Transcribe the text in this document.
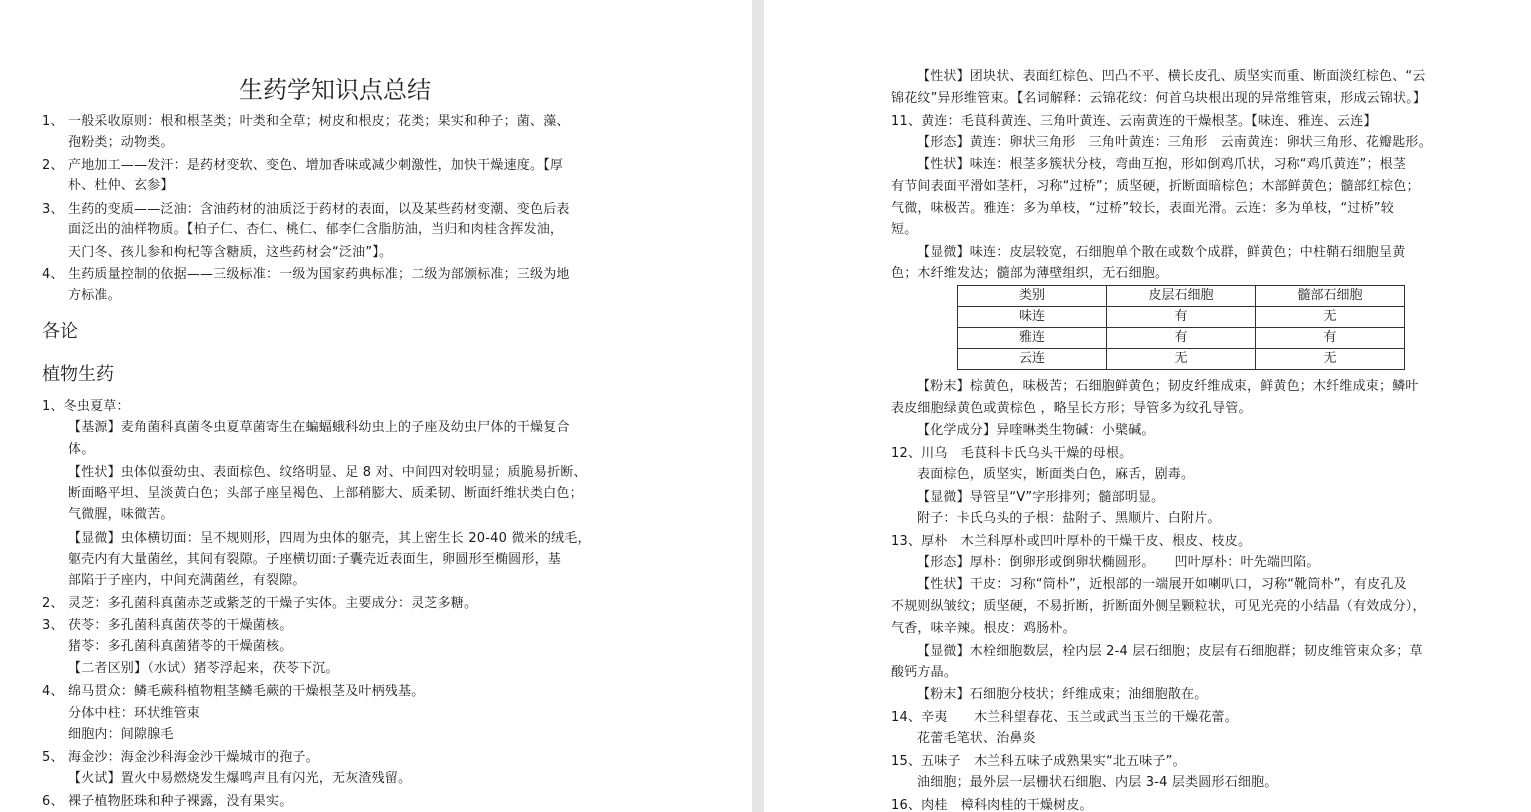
生药学知识点总结
1、 一般采收原则：根和根茎类；叶类和全草；树皮和根皮；花类；果实和种子；菌、藻、
孢粉类；动物类。
2、 产地加工——发汗：是药材变软、变色、增加香味或减少刺激性，加快干燥速度。【厚
朴、杜仲、玄参】
3、 生药的变质——泛油：含油药材的油质泛于药材的表面，以及某些药材变潮、变色后表
面泛出的油样物质。【柏子仁、杏仁、桃仁、郁李仁含脂肪油，当归和肉桂含挥发油，
天门冬、孩儿参和枸杞等含糖质，这些药材会“泛油”】。
4、 生药质量控制的依据——三级标准：一级为国家药典标准；二级为部颁标准；三级为地
方标准。
各论
植物生药
1、冬虫夏草：
【基源】麦角菌科真菌冬虫夏草菌寄生在蝙蝠蛾科幼虫上的子座及幼虫尸体的干燥复合
体。
【性状】虫体似蚕幼虫、表面棕色、纹络明显、足 8 对、中间四对较明显；质脆易折断、
断面略平坦、呈淡黄白色；头部子座呈褐色、上部稍膨大、质柔韧、断面纤维状类白色；
气微腥，味微苦。
【显微】虫体横切面：呈不规则形，四周为虫体的躯壳，其上密生长 20-40 微米的绒毛，
躯壳内有大量菌丝，其间有裂隙。子座横切面:子囊壳近表面生，卵圆形至椭圆形，基
部陷于子座内，中间充满菌丝，有裂隙。
2、 灵芝：多孔菌科真菌赤芝或紫芝的干燥子实体。主要成分：灵芝多糖。
3、 茯苓：多孔菌科真菌茯苓的干燥菌核。
猪苓：多孔菌科真菌猪苓的干燥菌核。
【二者区别】（水试）猪苓浮起来，茯苓下沉。
4、 绵马贯众：鳞毛蕨科植物粗茎鳞毛蕨的干燥根茎及叶柄残基。
分体中柱：环状维管束
细胞内：间隙腺毛
5、 海金沙：海金沙科海金沙干燥城市的孢子。
【火试】置火中易燃烧发生爆鸣声且有闪光，无灰渣残留。
6、 裸子植物胚珠和种子裸露，没有果实。
【性状】团块状、表面红棕色、凹凸不平、横长皮孔、质坚实而重、断面淡红棕色、“云
锦花纹”异形维管束。【名词解释：云锦花纹：何首乌块根出现的异常维管束，形成云锦状。】
11、黄连：毛茛科黄连、三角叶黄连、云南黄连的干燥根茎。【味连、雅连、云连】
【形态】黄连：卵状三角形　三角叶黄连：三角形　云南黄连：卵状三角形、花瓣匙形。
【性状】味连：根茎多簇状分枝，弯曲互抱，形如倒鸡爪状，习称“鸡爪黄连”；根茎
有节间表面平滑如茎杆，习称“过桥”；质坚硬，折断面暗棕色；木部鲜黄色；髓部红棕色；
气微，味极苦。雅连：多为单枝，“过桥”较长，表面光滑。云连：多为单枝，“过桥”较
短。
【显微】味连：皮层较宽，石细胞单个散在或数个成群，鲜黄色；中柱鞘石细胞呈黄
色；木纤维发达；髓部为薄壁组织，无石细胞。
类别	皮层石细胞	髓部石细胞
味连	有	无
雅连	有	有
云连	无	无
【粉末】棕黄色，味极苦；石细胞鲜黄色；韧皮纤维成束，鲜黄色；木纤维成束；鳞叶
表皮细胞绿黄色或黄棕色 ，略呈长方形；导管多为纹孔导管。
【化学成分】异喹啉类生物碱：小檗碱。
12、川乌　毛茛科卡氏乌头干燥的母根。
表面棕色，质坚实，断面类白色，麻舌，剧毒。
【显微】导管呈“V”字形排列；髓部明显。
附子：卡氏乌头的子根：盐附子、黑顺片、白附片。
13、厚朴　木兰科厚朴或凹叶厚朴的干燥干皮、根皮、枝皮。
【形态】厚朴：倒卵形或倒卵状椭圆形。　　凹叶厚朴：叶先端凹陷。
【性状】干皮：习称“筒朴”，近根部的一端展开如喇叭口，习称“靴筒朴”，有皮孔及
不规则纵皱纹；质坚硬，不易折断，折断面外侧呈颗粒状，可见光亮的小结晶（有效成分），
气香，味辛辣。根皮：鸡肠朴。
【显微】木栓细胞数层，栓内层 2-4 层石细胞；皮层有石细胞群；韧皮维管束众多；草
酸钙方晶。
【粉末】石细胞分枝状；纤维成束；油细胞散在。
14、辛夷　　木兰科望春花、玉兰或武当玉兰的干燥花蕾。
花蕾毛笔状、治鼻炎
15、五味子　木兰科五味子成熟果实“北五味子”。
油细胞；最外层一层栅状石细胞、内层 3-4 层类圆形石细胞。
16、肉桂　樟科肉桂的干燥树皮。
